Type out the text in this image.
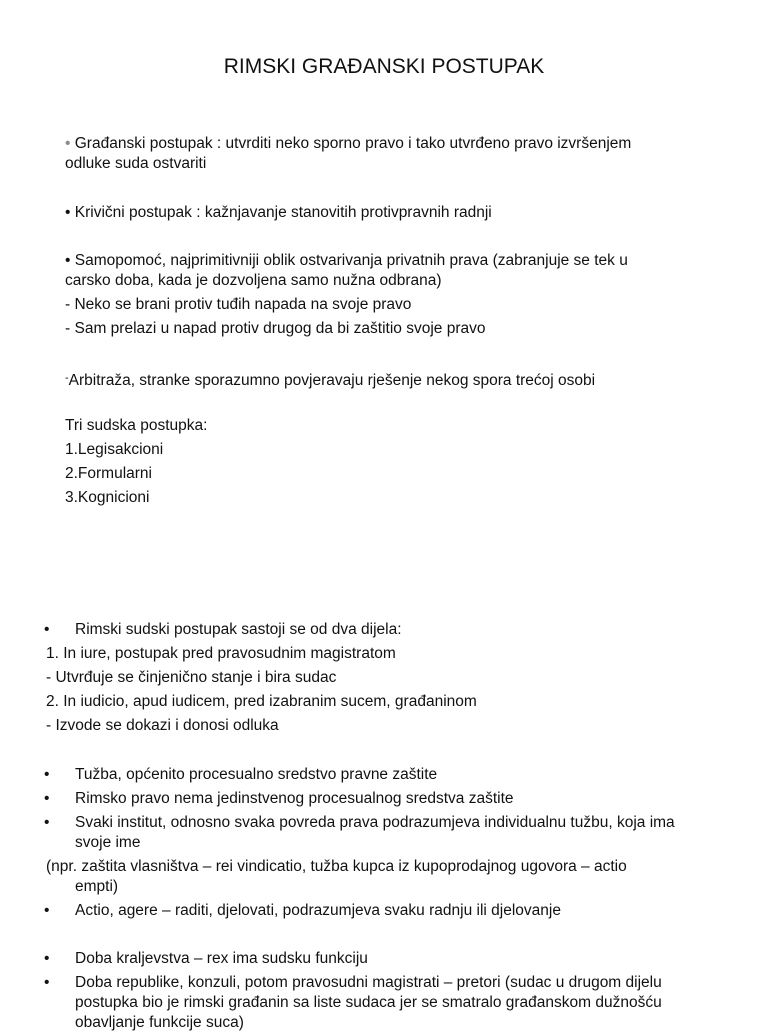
RIMSKI GRAĐANSKI POSTUPAK
• Građanski postupak : utvrditi neko sporno pravo i tako utvrđeno pravo izvršenjem
odluke suda ostvariti
• Krivični postupak : kažnjavanje stanovitih protivpravnih radnji
• Samopomoć, najprimitivniji oblik ostvarivanja privatnih prava (zabranjuje se tek u
carsko doba, kada je dozvoljena samo nužna odbrana)
- Neko se brani protiv tuđih napada na svoje pravo
- Sam prelazi u napad protiv drugog da bi zaštitio svoje pravo
-Arbitraža, stranke sporazumno povjeravaju rješenje nekog spora trećoj osobi
Tri sudska postupka:
1.Legisakcioni
2.Formularni
3.Kognicioni
•	Rimski sudski postupak sastoji se od dva dijela:
1. In iure, postupak pred pravosudnim magistratom
- Utvrđuje se činjenično stanje i bira sudac
2. In iudicio, apud iudicem, pred izabranim sucem, građaninom
- Izvode se dokazi i donosi odluka
•	Tužba, općenito procesualno sredstvo pravne zaštite
•	Rimsko pravo nema jedinstvenog procesualnog sredstva zaštite
•	Svaki institut, odnosno svaka povreda prava podrazumjeva individualnu tužbu, koja ima
svoje ime
(npr. zaštita vlasništva – rei vindicatio, tužba kupca iz kupoprodajnog ugovora – actio
empti)
•	Actio, agere – raditi, djelovati, podrazumjeva svaku radnju ili djelovanje
•	Doba kraljevstva – rex ima sudsku funkciju
•	Doba republike, konzuli, potom pravosudni magistrati – pretori (sudac u drugom dijelu
postupka bio je rimski građanin sa liste sudaca jer se smatralo građanskom dužnošću
obavljanje funkcije suca)
